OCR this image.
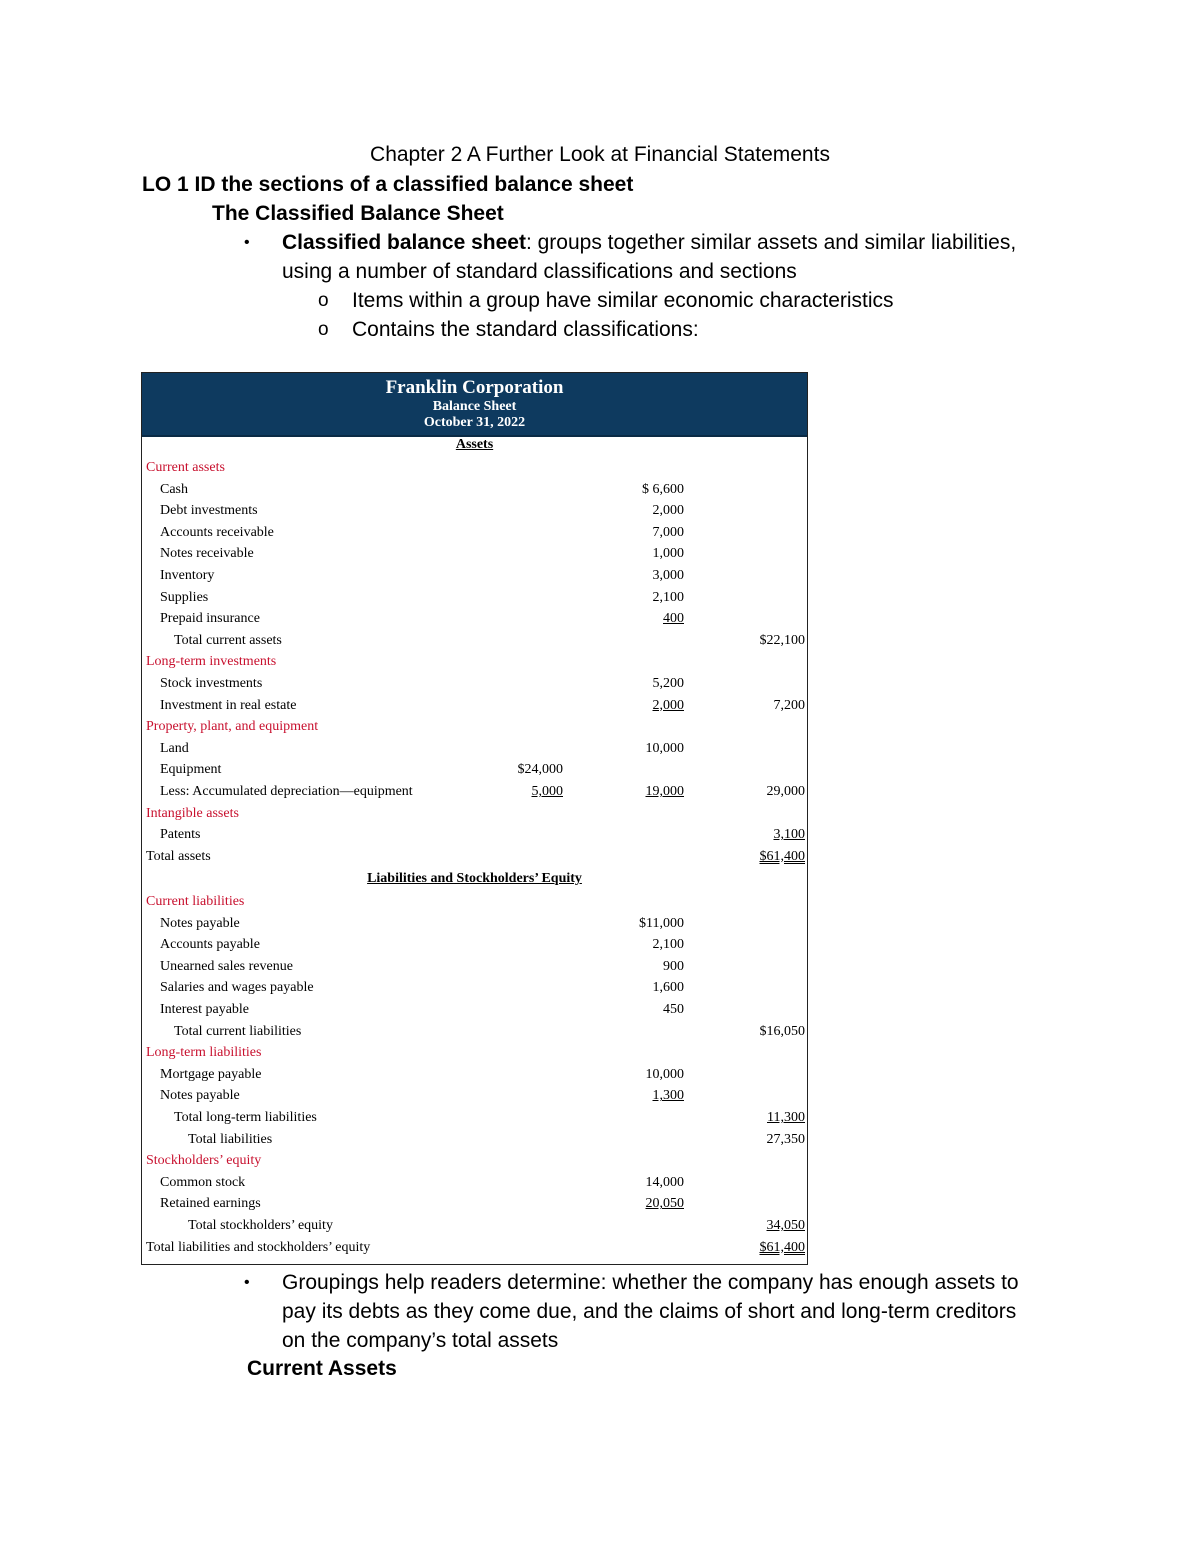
Chapter 2 A Further Look at Financial Statements
LO 1 ID the sections of a classified balance sheet
The Classified Balance Sheet
• Classified balance sheet: groups together similar assets and similar liabilities,
using a number of standard classifications and sections
o Items within a group have similar economic characteristics
o Contains the standard classifications:
Franklin Corporation
Balance Sheet
October 31, 2022
Assets
Liabilities and Stockholders’ Equity
Current assets
Cash	$ 6,600
Debt investments	2,000
Accounts receivable	7,000
Notes receivable	1,000
Inventory	3,000
Supplies	2,100
Prepaid insurance	400
Total current assets	$22,100
Long-term investments
Stock investments	5,200
Investment in real estate	2,000	7,200
Property, plant, and equipment
Land	10,000
Equipment	$24,000
Less: Accumulated depreciation—equipment	5,000	19,000	29,000
Intangible assets
Patents	3,100
Total assets	$61,400
Current liabilities
Notes payable	$11,000
Accounts payable	2,100
Unearned sales revenue	900
Salaries and wages payable	1,600
Interest payable	450
Total current liabilities	$16,050
Long-term liabilities
Mortgage payable	10,000
Notes payable	1,300
Total long-term liabilities	11,300
Total liabilities	27,350
Stockholders’ equity
Common stock	14,000
Retained earnings	20,050
Total stockholders’ equity	34,050
Total liabilities and stockholders’ equity	$61,400
• Groupings help readers determine: whether the company has enough assets to
pay its debts as they come due, and the claims of short and long-term creditors
on the company’s total assets
Current Assets
